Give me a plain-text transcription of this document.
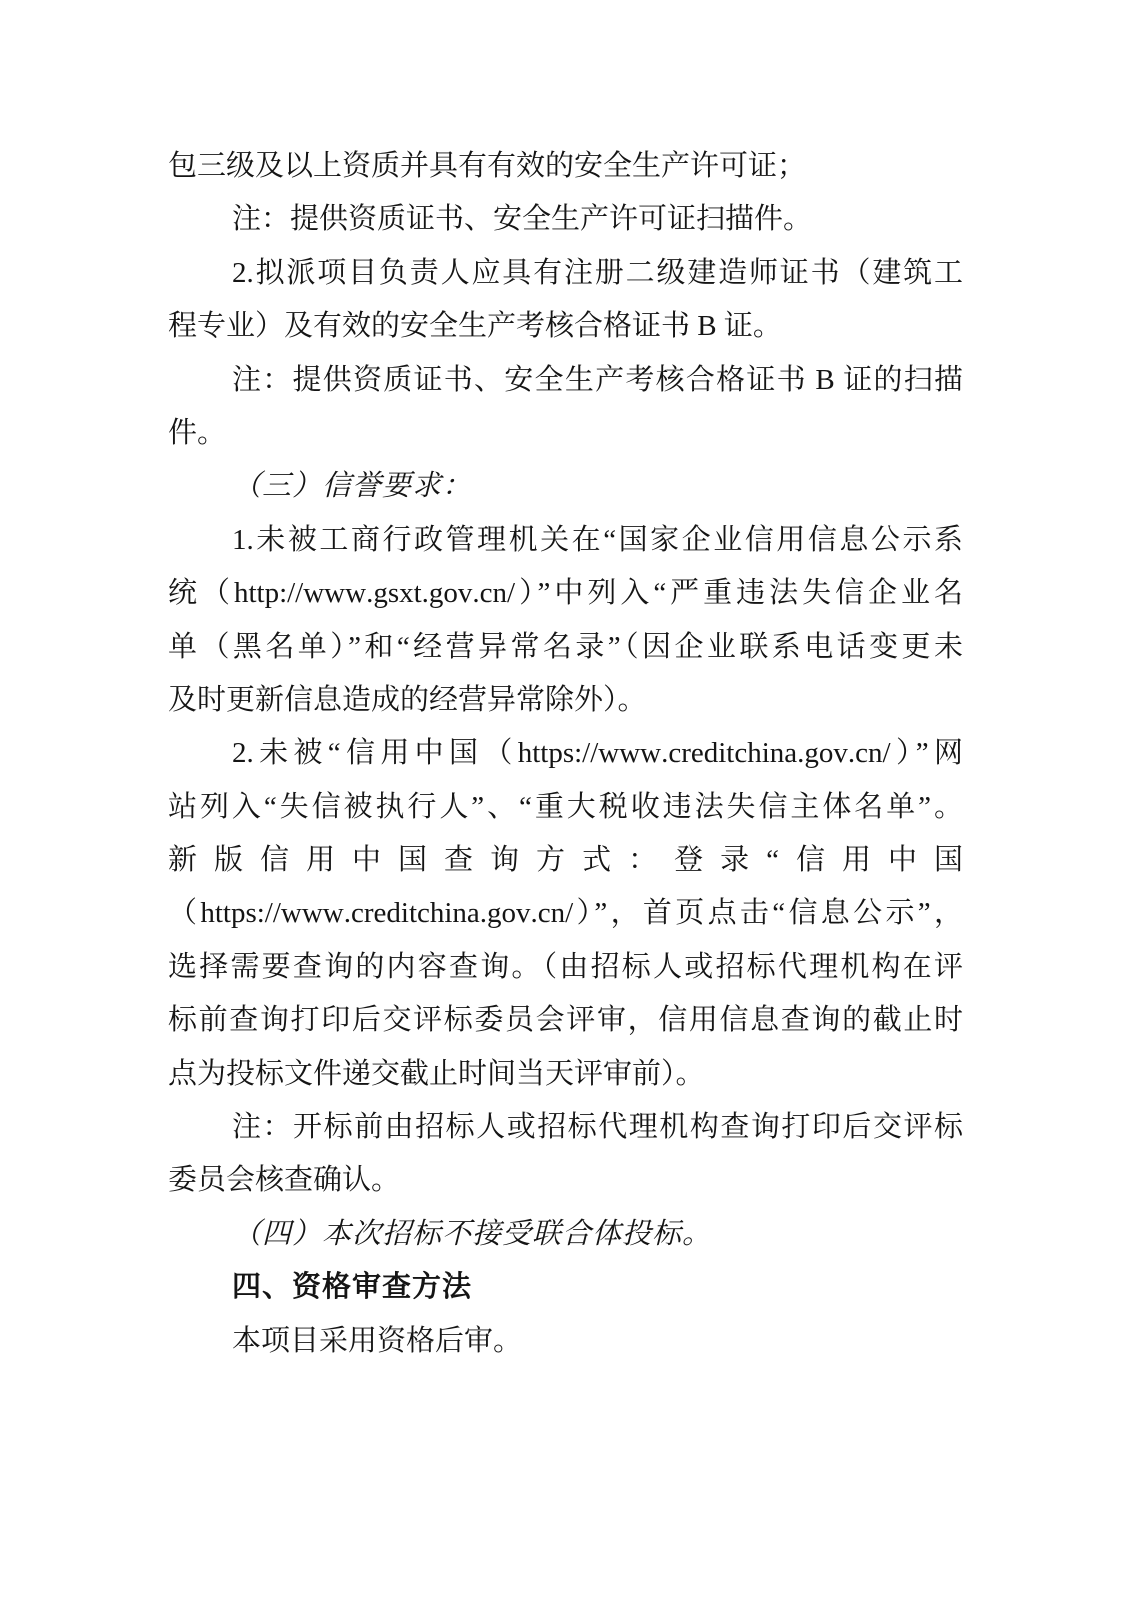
包三级及以上资质并具有有效的安全生产许可证；
注：提供资质证书、安全生产许可证扫描件。
2.拟派项目负责人应具有注册二级建造师证书（建筑工
程专业）及有效的安全生产考核合格证书 B 证。
注：提供资质证书、安全生产考核合格证书 B 证的扫描
件。
（三）信誉要求：
1.未被工商行政管理机关在“国家企业信用信息公示系
统（http://www.gsxt.gov.cn/）”中列入“严重违法失信企业名
单（黑名单）”和“经营异常名录”（因企业联系电话变更未
及时更新信息造成的经营异常除外）。
2.未被“信用中国（https://www.creditchina.gov.cn/）”网
站列入“失信被执行人”、“重大税收违法失信主体名单”。
新版信用中国查询方式：登录“信用中国
（https://www.creditchina.gov.cn/）”，首页点击“信息公示”，
选择需要查询的内容查询。（由招标人或招标代理机构在评
标前查询打印后交评标委员会评审，信用信息查询的截止时
点为投标文件递交截止时间当天评审前）。
注：开标前由招标人或招标代理机构查询打印后交评标
委员会核查确认。
（四）本次招标不接受联合体投标。
四、资格审查方法
本项目采用资格后审。
